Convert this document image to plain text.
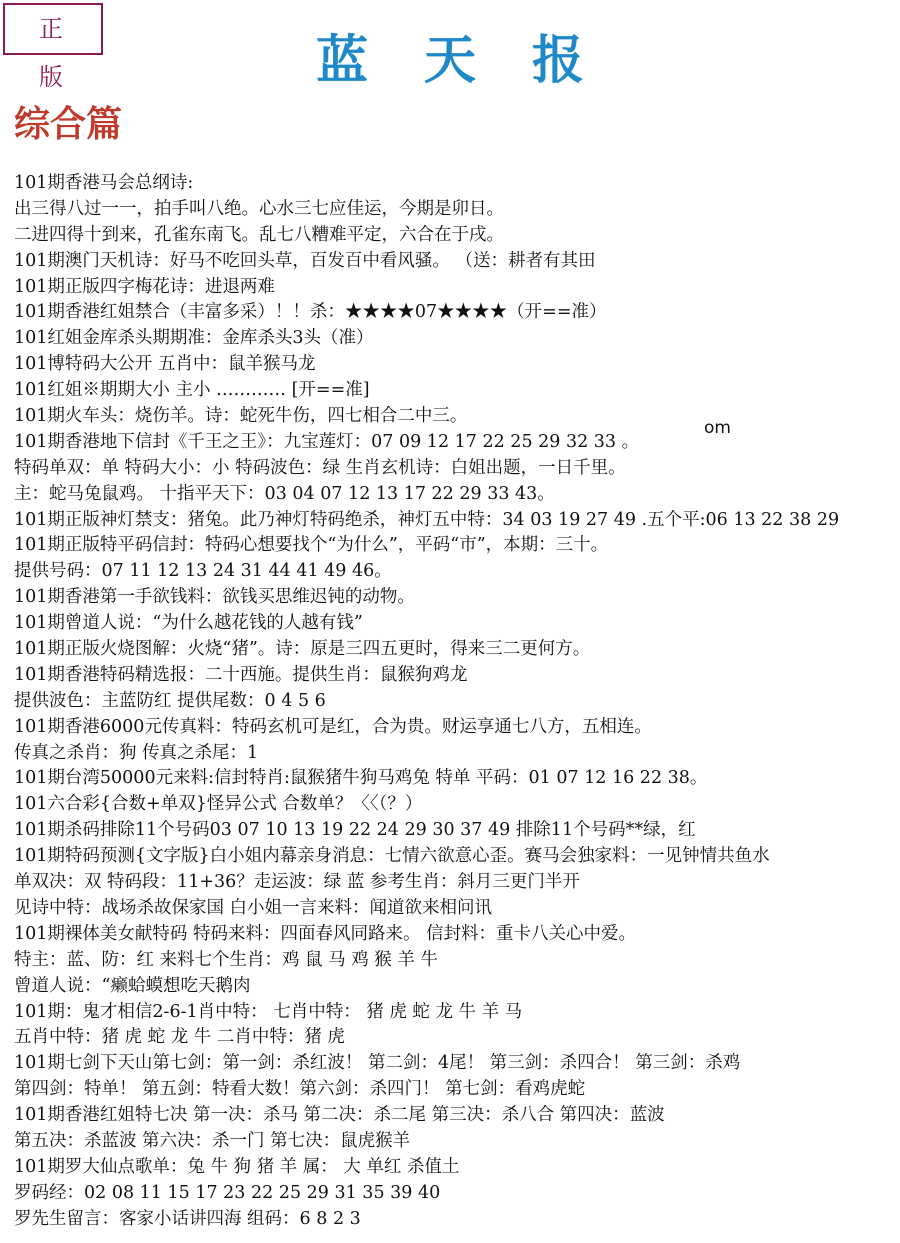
正版	蓝天报
综合篇
om
101期香港马会总纲诗:
出三得八过一一，拍手叫八绝。心水三七应佳运，今期是卯日。
二进四得十到来，孔雀东南飞。乱七八糟难平定，六合在于戌。
101期澳门天机诗：好马不吃回头草，百发百中看风骚。 （送：耕者有其田
101期正版四字梅花诗：进退两难
101期香港红姐禁合（丰富多采）！！杀：★★★★07★★★★（开==准）
101红姐金库杀头期期准：金库杀头3头（准）
101博特码大公开 五肖中：鼠羊猴马龙
101红姐※期期大小 主小 ………… [开==准]
101期火车头：烧伤羊。诗：蛇死牛伤，四七相合二中三。
101期香港地下信封《千王之王》：九宝莲灯：07 09 12 17 22 25 29 32 33 。
特码单双：单 特码大小：小 特码波色：绿 生肖玄机诗：白姐出题，一日千里。
主：蛇马兔鼠鸡。 十指平天下：03 04 07 12 13 17 22 29 33 43。
101期正版神灯禁支：猪兔。此乃神灯特码绝杀，神灯五中特：34 03 19 27 49 .五个平:06 13 22 38 29
101期正版特平码信封：特码心想要找个“为什么”，平码“市”，本期：三十。
提供号码：07 11 12 13 24 31 44 41 49 46。
101期香港第一手欲钱料：欲钱买思维迟钝的动物。
101期曾道人说：“为什么越花钱的人越有钱”
101期正版火烧图解：火烧“猪”。诗：原是三四五更时，得来三二更何方。
101期香港特码精选报：二十西施。提供生肖：鼠猴狗鸡龙
提供波色：主蓝防红 提供尾数：0 4 5 6
101期香港6000元传真料：特码玄机可是红，合为贵。财运享通七八方，五相连。
传真之杀肖：狗 传真之杀尾：1
101期台湾50000元来料:信封特肖:鼠猴猪牛狗马鸡兔 特单 平码：01 07 12 16 22 38。
101六合彩{合数+单双}怪异公式 合数单？〈〈（？）
101期杀码排除11个号码03 07 10 13 19 22 24 29 30 37 49 排除11个号码**绿，红
101期特码预测{文字版}白小姐内幕亲身消息：七情六欲意心歪。赛马会独家料：一见钟情共鱼水
单双决：双 特码段：11+36？走运波：绿 蓝 参考生肖：斜月三更门半开
见诗中特：战场杀故保家国 白小姐一言来料：闻道欲来相问讯
101期裸体美女献特码 特码来料：四面春风同路来。 信封料：重卡八关心中爱。
特主：蓝、防：红 来料七个生肖：鸡 鼠 马 鸡 猴 羊 牛
曾道人说：“癞蛤蟆想吃天鹅肉
101期：鬼才相信2-6-1肖中特： 七肖中特： 猪 虎 蛇 龙 牛 羊 马
五肖中特：猪 虎 蛇 龙 牛 二肖中特：猪 虎
101期七剑下天山第七剑：第一剑：杀红波！ 第二剑：4尾！ 第三剑：杀四合！ 第三剑：杀鸡
第四剑：特单！ 第五剑：特看大数！第六剑：杀四门！ 第七剑：看鸡虎蛇
101期香港红姐特七决 第一决：杀马 第二决：杀二尾 第三决：杀八合 第四决：蓝波
第五决：杀蓝波 第六决：杀一门 第七决：鼠虎猴羊
101期罗大仙点歌单：兔 牛 狗 猪 羊 属： 大 单红 杀值土
罗码经：02 08 11 15 17 23 22 25 29 31 35 39 40
罗先生留言：客家小话讲四海 组码：6 8 2 3
